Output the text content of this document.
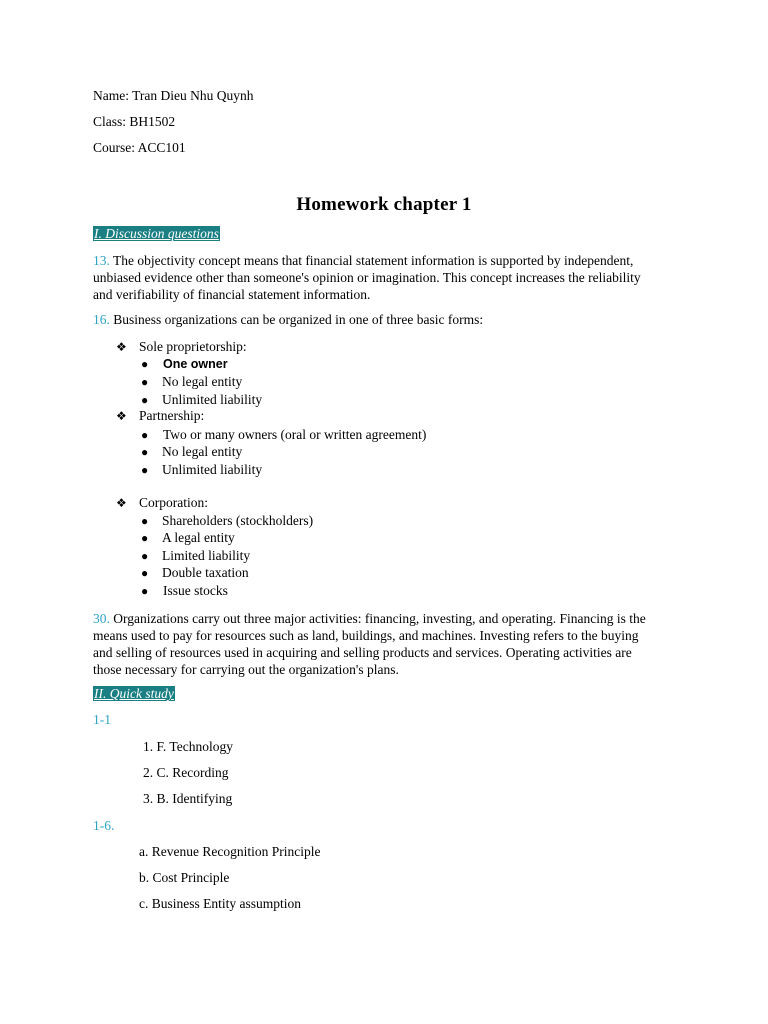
Name: Tran Dieu Nhu Quynh
Class: BH1502
Course: ACC101
Homework chapter 1
I. Discussion questions
13. The objectivity concept means that financial statement information is supported by independent,
unbiased evidence other than someone's opinion or imagination. This concept increases the reliability
and verifiability of financial statement information.
16. Business organizations can be organized in one of three basic forms:
❖ Sole proprietorship:
● One owner
● No legal entity
● Unlimited liability
❖ Partnership:
● Two or many owners (oral or written agreement)
● No legal entity
● Unlimited liability
❖ Corporation:
● Shareholders (stockholders)
● A legal entity
● Limited liability
● Double taxation
● Issue stocks
30. Organizations carry out three major activities: financing, investing, and operating. Financing is the
means used to pay for resources such as land, buildings, and machines. Investing refers to the buying
and selling of resources used in acquiring and selling products and services. Operating activities are
those necessary for carrying out the organization's plans.
II. Quick study
1-1
1. F. Technology
2. C. Recording
3. B. Identifying
1-6.
a. Revenue Recognition Principle
b. Cost Principle
c. Business Entity assumption
